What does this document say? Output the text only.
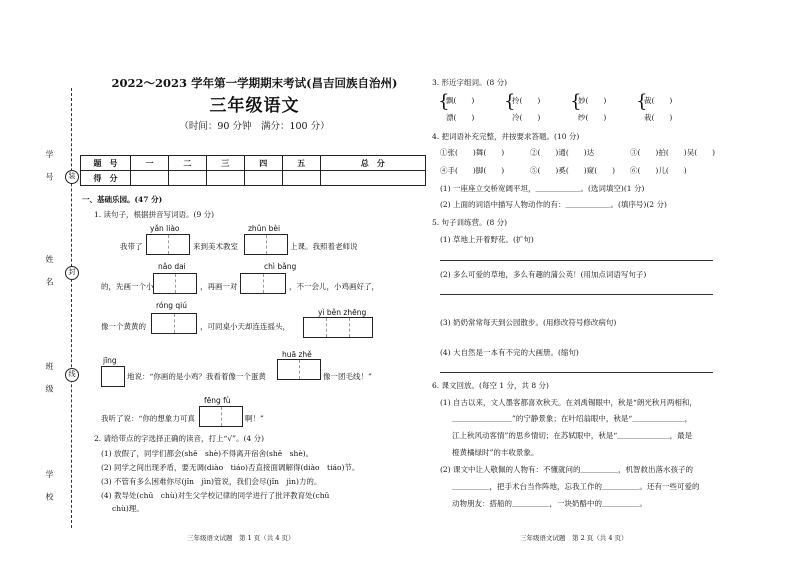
装
封
线
学 号
姓 名
班 级
学 校
2022～2023 学年第一学期期末考试(昌吉回族自治州)
三年级语文
（时间：90 分钟　满分：100 分）
题　号	一	二	三	四	五	总　分
得　分						
一、基础乐园。(47 分)
1. 读句子，根据拼音写词语。(9 分)
yǎn liào	zhǔn bèi
我带了	来到美术教室	上课。我照着老师说
nǎo dai	chì bǎng
的，先画一个小	，再画一对	，不一会儿，小鸡画好了，
róng qiú
yì běn zhēng
像一个黄黄的	，可同桌小天却连连摇头，
jīng
huā zhě
地说：“你画的是小鸡？我看着像一个蛋黄	像一团毛线！”
fēng fù
我听了说：“你的想象力可真	啊！”
2. 请给带点的字选择正确的读音，打上“√”。(4 分)
(1) 放假了，同学们都会(shě　shè)不得离开宿舍(shě　shè)。
(2) 同学之间出现矛盾，要无调(diào　tiáo)否直接面调解得(diào　tiáo)节。
(3) 不管有多么困难你尽(jǐn　jìn)管说，我们会尽(jǐn　jìn)力的。
(4) 教导处(chǔ　chù)对生父学校记律的同学进行了批评教育处(chǔ
chù)理。
三年级语文试题　第 1 页（共 4 页）
3. 形近字组词。(8 分)
{	{	{	{
飘(　　)	拎(　　)	妙(　　)	裁(　　)
漂(　　)	冷(　　)	纱(　　)	栽(　　)
4. 把词语补充完整，并按要求答题。(10 分)
①张(　　)舞(　　)	②(　　)通(　　)达	③(　　)拍(　　)吴(　　)
④手(　　)脚(　　)	⑤(　　)奚(　　)窥(　　) ⑥(　　)儿(　　)
(1) 一座座立交桥宽阔平坦，＿＿＿＿＿＿。(选词填空)(1 分)
(2) 上面的词语中描写人物动作的有：＿＿＿＿＿＿。(填序号)(2 分)
5. 句子训练营。(8 分)
(1) 草地上开着野花。(扩句)
(2) 多么可爱的草地，多么有趣的蒲公英！(用加点词语写句子)
(3) 奶奶常常每天到公园散步。(用修改符号修改病句)
(4) 大自然是一本有不完的大画册。(缩句)
6. 课文回放。(每空 1 分，共 8 分)
(1) 自古以来，文人墨客都喜欢秋天。在刘禹锡眼中，秋是“朗光秋月两相和，
＿＿＿＿＿＿＿＿”的宁静景象；在叶绍翁眼中，秋是“＿＿＿＿＿＿＿，
江上秋风动客情”的思乡情切；在苏轼眼中，秋是“＿＿＿＿＿＿＿，最是
橙黄橘绿时”的丰收景象。
(2) 课文中让人敬佩的人物有：不懂就问的＿＿＿＿＿，机智救出落水孩子的
＿＿＿＿＿，把手术台当作阵地，忘我工作的＿＿＿＿＿。还有一些可爱的
动物朋友：搭船的＿＿＿＿＿，一块奶酪中的＿＿＿＿＿。
三年级语文试题　第 2 页（共 4 页）
